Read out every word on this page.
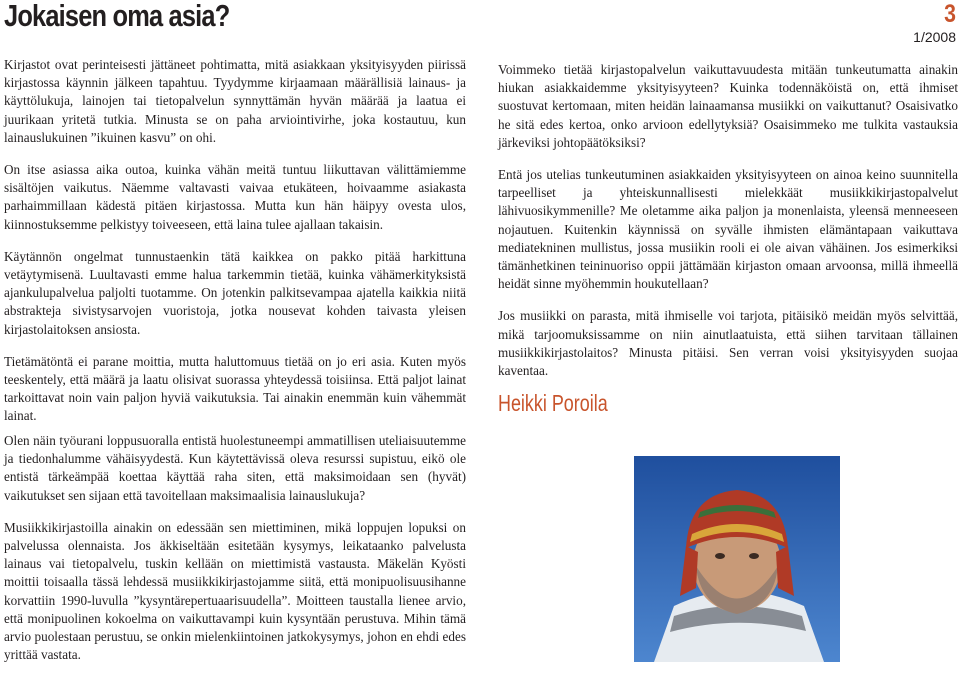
Jokaisen oma asia?	3
1/2008

Kirjastot ovat perinteisesti jättäneet pohtimatta, mitä asiakkaan yksityisyyden piirissä kirjastossa käynnin jälkeen tapahtuu. Tyydymme kirjaamaan määrällisiä lainaus- ja käyttölukuja, lainojen tai tietopalvelun synnyttämän hyvän määrää ja laatua ei juurikaan yritetä tutkia. Minusta se on paha arviointivirhe, joka kostautuu, kun lainauslukuinen ”ikuinen kasvu” on ohi.

On itse asiassa aika outoa, kuinka vähän meitä tuntuu liikuttavan välittämiemme sisältöjen vaikutus. Näemme valtavasti vaivaa etukäteen, hoivaamme asiakasta parhaimmillaan kädestä pitäen kirjastossa. Mutta kun hän häipyy ovesta ulos, kiinnostuksemme pelkistyy toiveeseen, että laina tulee ajallaan takaisin.

Käytännön ongelmat tunnustaenkin tätä kaikkea on pakko pitää harkittuna vetäytymisenä. Luultavasti emme halua tarkemmin tietää, kuinka vähämerkityksistä ajankulupalvelua paljolti tuotamme. On jotenkin palkitsevampaa ajatella kaikkia niitä abstrakteja sivistysarvojen vuoristoja, jotka nousevat kohden taivasta yleisen kirjastolaitoksen ansiosta.

Tietämätöntä ei parane moittia, mutta haluttomuus tietää on jo eri asia. Kuten myös teeskentely, että määrä ja laatu olisivat suorassa yhteydessä toisiinsa. Että paljot lainat tarkoittavat noin vain paljon hyviä vaikutuksia. Tai ainakin enemmän kuin vähemmät lainat.

Olen näin työurani loppusuoralla entistä huolestuneempi ammatillisen uteliaisuutemme ja tiedonhalumme vähäisyydestä. Kun käytettävissä oleva resurssi supistuu, eikö ole entistä tärkeämpää koettaa käyttää raha siten, että maksimoidaan sen (hyvät) vaikutukset sen sijaan että tavoitellaan maksimaalisia lainauslukuja?

Musiikkikirjastoilla ainakin on edessään sen miettiminen, mikä loppujen lopuksi on palvelussa olennaista. Jos äkkiseltään esitetään kysymys, leikataanko palvelusta lainaus vai tietopalvelu, tuskin kellään on miettimistä vastausta. Mäkelän Kyösti moittii toisaalla tässä lehdessä musiikkikirjastojamme siitä, että monipuolisuusihanne korvattiin 1990-luvulla ”kysyntärepertuaarisuudella”. Moitteen taustalla lienee arvio, että monipuolinen kokoelma on vaikuttavampi kuin kysyntään perustuva. Mihin tämä arvio puolestaan perustuu, se onkin mielenkiintoinen jatkokysymys, johon en ehdi edes yrittää vastata.

Voimmeko tietää kirjastopalvelun vaikuttavuudesta mitään tunkeutumatta ainakin hiukan asiakkaidemme yksityisyyteen? Kuinka todennäköistä on, että ihmiset suostuvat kertomaan, miten heidän lainaamansa musiikki on vaikuttanut? Osaisivatko he sitä edes kertoa, onko arvioon edellytyksiä? Osaisimmeko me tulkita vastauksia järkeviksi johtopäätöksiksi?

Entä jos utelias tunkeutuminen asiakkaiden yksityisyyteen on ainoa keino suunnitella tarpeelliset ja yhteiskunnallisesti mielekkäät musiikkikirjastopalvelut lähivuosikymmenille? Me oletamme aika paljon ja monenlaista, yleensä menneeseen nojautuen. Kuitenkin käynnissä on syvälle ihmisten elämäntapaan vaikuttava mediatekninen mullistus, jossa musiikin rooli ei ole aivan vähäinen. Jos esimerkiksi tämänhetkinen teininuoriso oppii jättämään kirjaston omaan arvoonsa, millä ihmeellä heidät sinne myöhemmin houkutellaan?

Jos musiikki on parasta, mitä ihmiselle voi tarjota, pitäisikö meidän myös selvittää, mikä tarjoomuksissamme on niin ainutlaatuista, että siihen tarvitaan tällainen musiikkikirjastolaitos? Minusta pitäisi. Sen verran voisi yksityisyyden suojaa kaventaa.

Heikki Poroila
